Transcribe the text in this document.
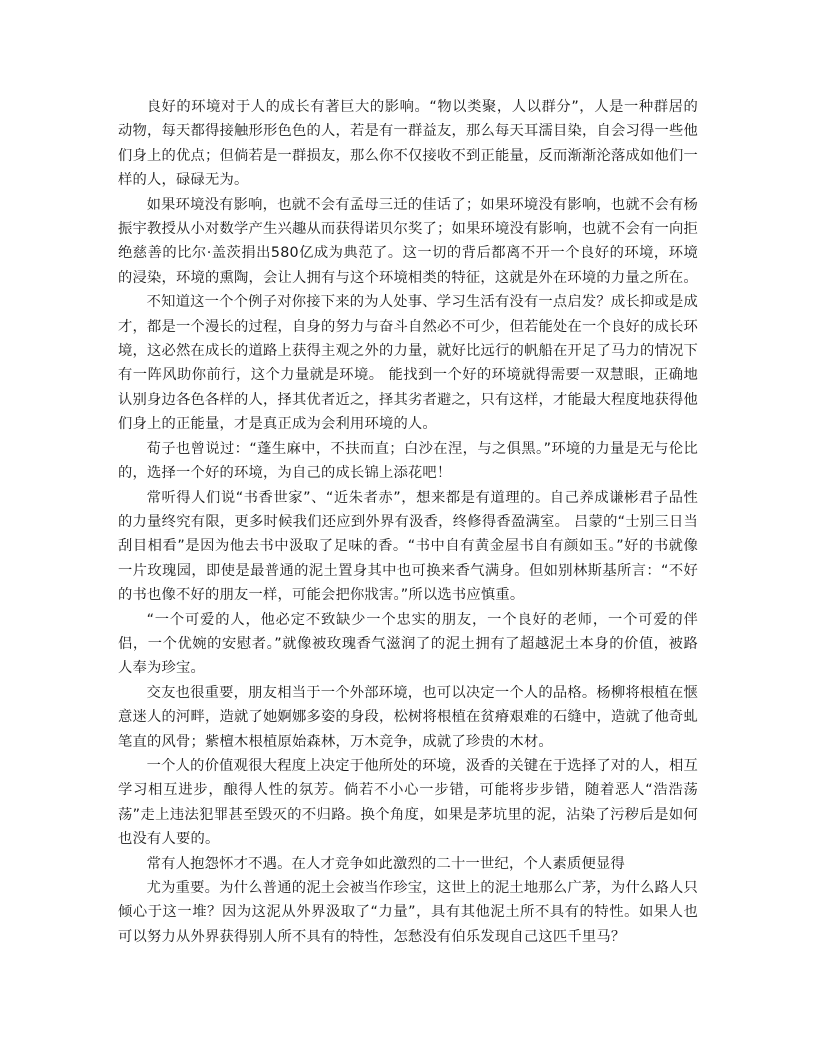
良好的环境对于人的成长有著巨大的影响。“物以类聚，人以群分”，人是一种群居的动物，每天都得接触形形色色的人，若是有一群益友，那么每天耳濡目染，自会习得一些他们身上的优点；但倘若是一群损友，那么你不仅接收不到正能量，反而渐渐沦落成如他们一样的人，碌碌无为。

如果环境没有影响，也就不会有孟母三迁的佳话了；如果环境没有影响，也就不会有杨振宇教授从小对数学产生兴趣从而获得诺贝尔奖了；如果环境没有影响，也就不会有一向拒绝慈善的比尔·盖茨捐出580亿成为典范了。这一切的背后都离不开一个良好的环境，环境的浸染，环境的熏陶，会让人拥有与这个环境相类的特征，这就是外在环境的力量之所在。

不知道这一个个例子对你接下来的为人处事、学习生活有没有一点启发？成长抑或是成才，都是一个漫长的过程，自身的努力与奋斗自然必不可少，但若能处在一个良好的成长环境，这必然在成长的道路上获得主观之外的力量，就好比远行的帆船在开足了马力的情况下有一阵风助你前行，这个力量就是环境。 能找到一个好的环境就得需要一双慧眼，正确地认别身边各色各样的人，择其优者近之，择其劣者避之，只有这样，才能最大程度地获得他们身上的正能量，才是真正成为会利用环境的人。

荀子也曾说过：“蓬生麻中，不扶而直；白沙在涅，与之俱黑。”环境的力量是无与伦比的，选择一个好的环境，为自己的成长锦上添花吧！

常听得人们说“书香世家”、“近朱者赤”，想来都是有道理的。自己养成谦彬君子品性的力量终究有限，更多时候我们还应到外界有汲香，终修得香盈满室。 吕蒙的“士别三日当刮目相看”是因为他去书中汲取了足味的香。“书中自有黄金屋书自有颜如玉。”好的书就像一片玫瑰园，即使是最普通的泥土置身其中也可换来香气满身。但如别林斯基所言：“不好的书也像不好的朋友一样，可能会把你戕害。”所以选书应慎重。

“一个可爱的人，他必定不致缺少一个忠实的朋友，一个良好的老师，一个可爱的伴侣，一个优婉的安慰者。”就像被玫瑰香气滋润了的泥土拥有了超越泥土本身的价值，被路人奉为珍宝。

交友也很重要，朋友相当于一个外部环境，也可以决定一个人的品格。杨柳将根植在惬意迷人的河畔，造就了她婀娜多姿的身段，松树将根植在贫瘠艰难的石缝中，造就了他奇虬笔直的风骨；紫檀木根植原始森林，万木竞争，成就了珍贵的木材。

一个人的价值观很大程度上决定于他所处的环境，汲香的关键在于选择了对的人，相互学习相互进步，酿得人性的氛芳。倘若不小心一步错，可能将步步错，随着恶人“浩浩荡荡”走上违法犯罪甚至毁灭的不归路。换个角度，如果是茅坑里的泥，沾染了污秽后是如何也没有人要的。

常有人抱怨怀才不遇。在人才竞争如此激烈的二十一世纪，个人素质便显得

尤为重要。为什么普通的泥土会被当作珍宝，这世上的泥土地那么广茅，为什么路人只倾心于这一堆？因为这泥从外界汲取了“力量”，具有其他泥土所不具有的特性。如果人也可以努力从外界获得别人所不具有的特性，怎愁没有伯乐发现自己这匹千里马？
